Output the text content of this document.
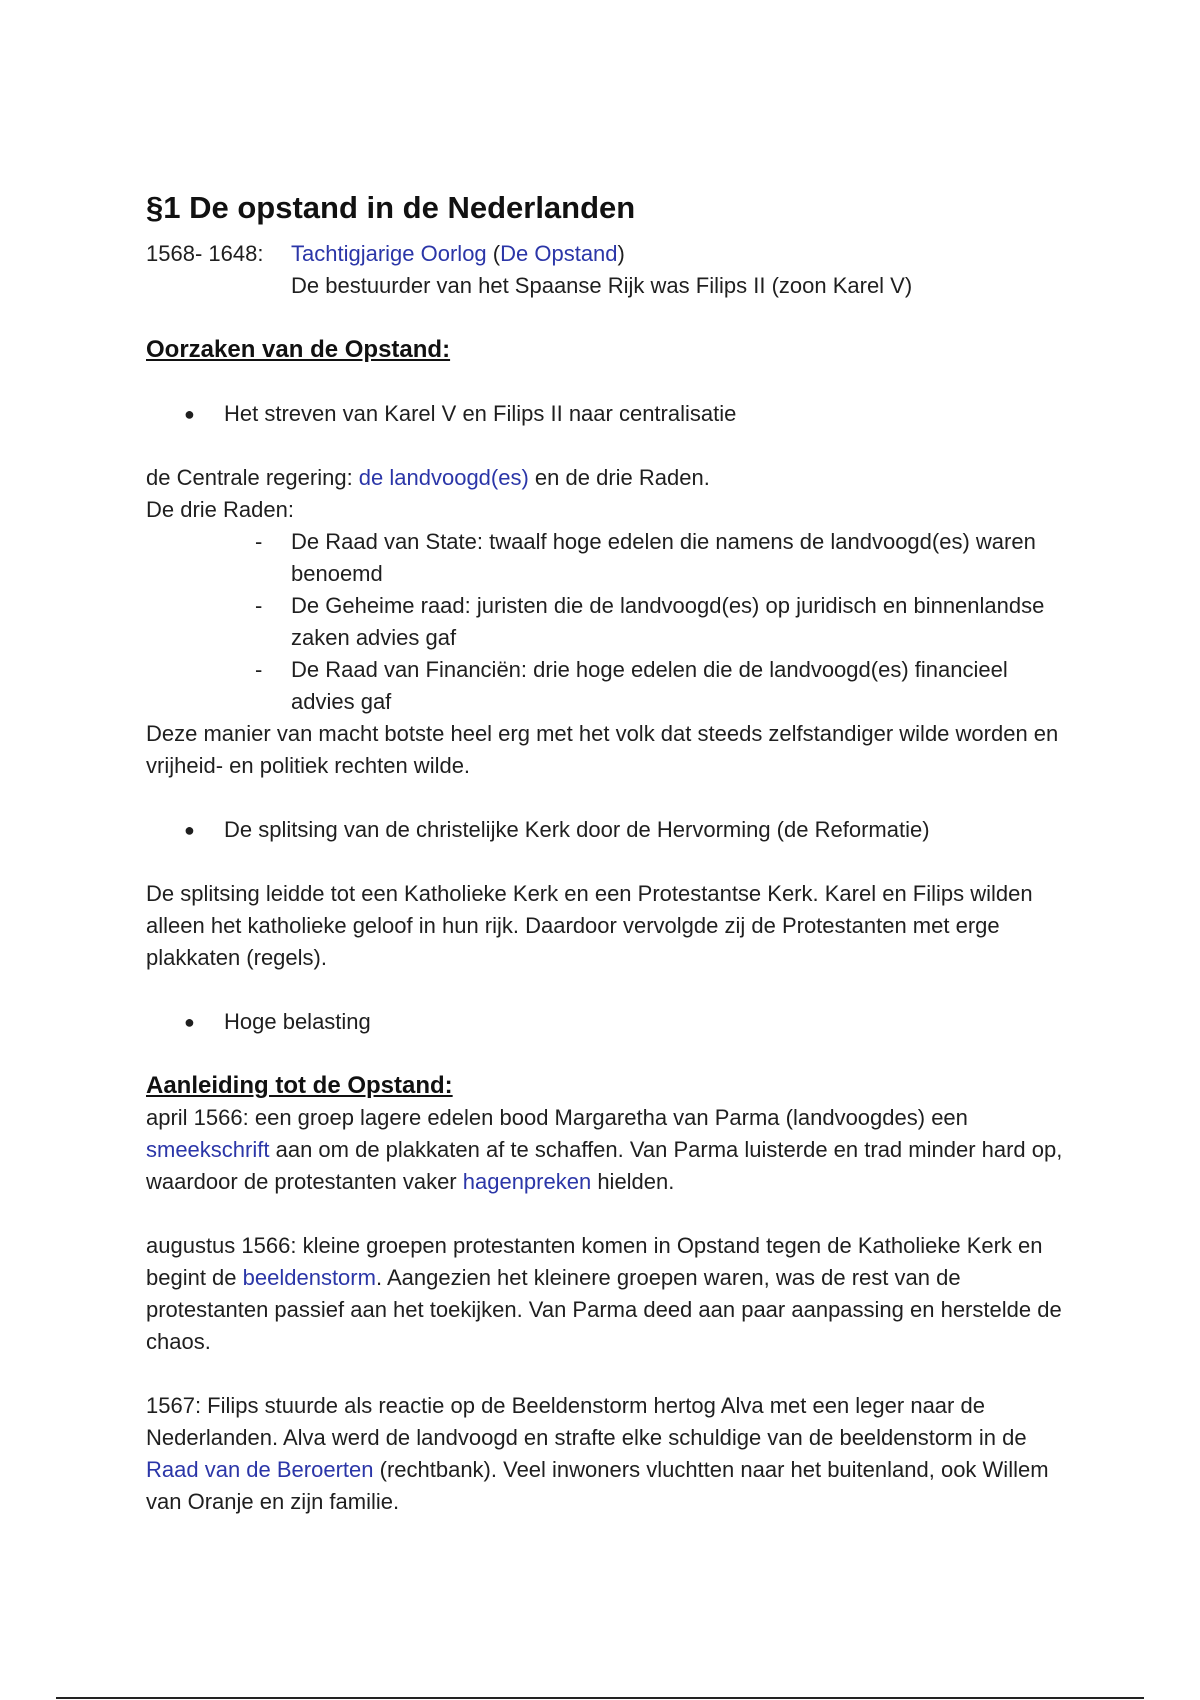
§1 De opstand in de Nederlanden
1568- 1648:	Tachtigjarige Oorlog (De Opstand)

De bestuurder van het Spaanse Rijk was Filips II (zoon Karel V)

Oorzaken van de Opstand:
●	Het streven van Karel V en Filips II naar centralisatie

de Centrale regering: de landvoogd(es) en de drie Raden.

De drie Raden:

-	De Raad van State: twaalf hoge edelen die namens de landvoogd(es) waren benoemd
-	De Geheime raad: juristen die de landvoogd(es) op juridisch en binnenlandse zaken advies gaf
-	De Raad van Financiën: drie hoge edelen die de landvoogd(es) financieel advies gaf

Deze manier van macht botste heel erg met het volk dat steeds zelfstandiger wilde worden en vrijheid- en politiek rechten wilde.

●	De splitsing van de christelijke Kerk door de Hervorming (de Reformatie)

De splitsing leidde tot een Katholieke Kerk en een Protestantse Kerk. Karel en Filips wilden alleen het katholieke geloof in hun rijk. Daardoor vervolgde zij de Protestanten met erge plakkaten (regels).

●	Hoge belasting
Aanleiding tot de Opstand:

april 1566: een groep lagere edelen bood Margaretha van Parma (landvoogdes) een smeekschrift aan om de plakkaten af te schaffen. Van Parma luisterde en trad minder hard op, waardoor de protestanten vaker hagenpreken hielden.

augustus 1566: kleine groepen protestanten komen in Opstand tegen de Katholieke Kerk en begint de beeldenstorm. Aangezien het kleinere groepen waren, was de rest van de protestanten passief aan het toekijken. Van Parma deed aan paar aanpassing en herstelde de chaos.

1567: Filips stuurde als reactie op de Beeldenstorm hertog Alva met een leger naar de Nederlanden. Alva werd de landvoogd en strafte elke schuldige van de beeldenstorm in de Raad van de Beroerten (rechtbank). Veel inwoners vluchtten naar het buitenland, ook Willem van Oranje en zijn familie.
